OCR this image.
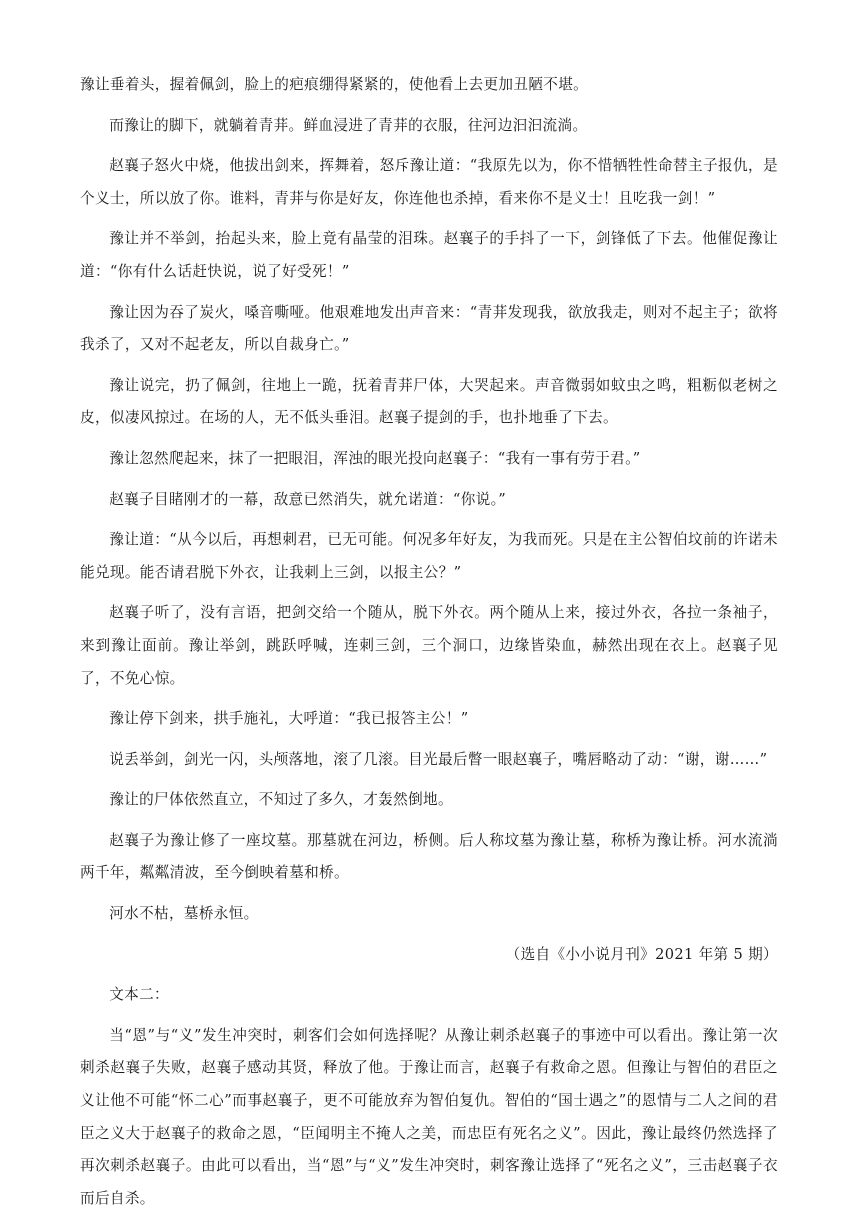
豫让垂着头，握着佩剑，脸上的疤痕绷得紧紧的，使他看上去更加丑陋不堪。

而豫让的脚下，就躺着青荓。鲜血浸进了青荓的衣服，往河边汩汩流淌。

赵襄子怒火中烧，他拔出剑来，挥舞着，怒斥豫让道：“我原先以为，你不惜牺牲性命替主子报仇，是个义士，所以放了你。谁料，青荓与你是好友，你连他也杀掉，看来你不是义士！且吃我一剑！”

豫让并不举剑，抬起头来，脸上竟有晶莹的泪珠。赵襄子的手抖了一下，剑锋低了下去。他催促豫让道：“你有什么话赶快说，说了好受死！”

豫让因为吞了炭火，嗓音嘶哑。他艰难地发出声音来：“青荓发现我，欲放我走，则对不起主子；欲将我杀了，又对不起老友，所以自裁身亡。”

豫让说完，扔了佩剑，往地上一跪，抚着青荓尸体，大哭起来。声音微弱如蚊虫之鸣，粗粝似老树之皮，似凄风掠过。在场的人，无不低头垂泪。赵襄子提剑的手，也扑地垂了下去。

豫让忽然爬起来，抹了一把眼泪，浑浊的眼光投向赵襄子：“我有一事有劳于君。”

赵襄子目睹刚才的一幕，敌意已然消失，就允诺道：“你说。”

豫让道：“从今以后，再想刺君，已无可能。何况多年好友，为我而死。只是在主公智伯坟前的许诺未能兑现。能否请君脱下外衣，让我刺上三剑，以报主公？”

赵襄子听了，没有言语，把剑交给一个随从，脱下外衣。两个随从上来，接过外衣，各拉一条袖子，来到豫让面前。豫让举剑，跳跃呼喊，连刺三剑，三个洞口，边缘皆染血，赫然出现在衣上。赵襄子见了，不免心惊。

豫让停下剑来，拱手施礼，大呼道：“我已报答主公！”

说丢举剑，剑光一闪，头颅落地，滚了几滚。目光最后瞥一眼赵襄子，嘴唇略动了动：“谢，谢……”

豫让的尸体依然直立，不知过了多久，才轰然倒地。

赵襄子为豫让修了一座坟墓。那墓就在河边，桥侧。后人称坟墓为豫让墓，称桥为豫让桥。河水流淌两千年，粼粼清波，至今倒映着墓和桥。

河水不枯，墓桥永恒。

（选自《小小说月刊》2021 年第 5 期）

文本二：

当“恩”与“义”发生冲突时，刺客们会如何选择呢？从豫让刺杀赵襄子的事迹中可以看出。豫让第一次刺杀赵襄子失败，赵襄子感动其贤，释放了他。于豫让而言，赵襄子有救命之恩。但豫让与智伯的君臣之义让他不可能“怀二心”而事赵襄子，更不可能放弃为智伯复仇。智伯的“国士遇之”的恩情与二人之间的君臣之义大于赵襄子的救命之恩，“臣闻明主不掩人之美，而忠臣有死名之义”。因此，豫让最终仍然选择了再次刺杀赵襄子。由此可以看出，当“恩”与“义”发生冲突时，刺客豫让选择了“死名之义”，三击赵襄子衣而后自杀。
